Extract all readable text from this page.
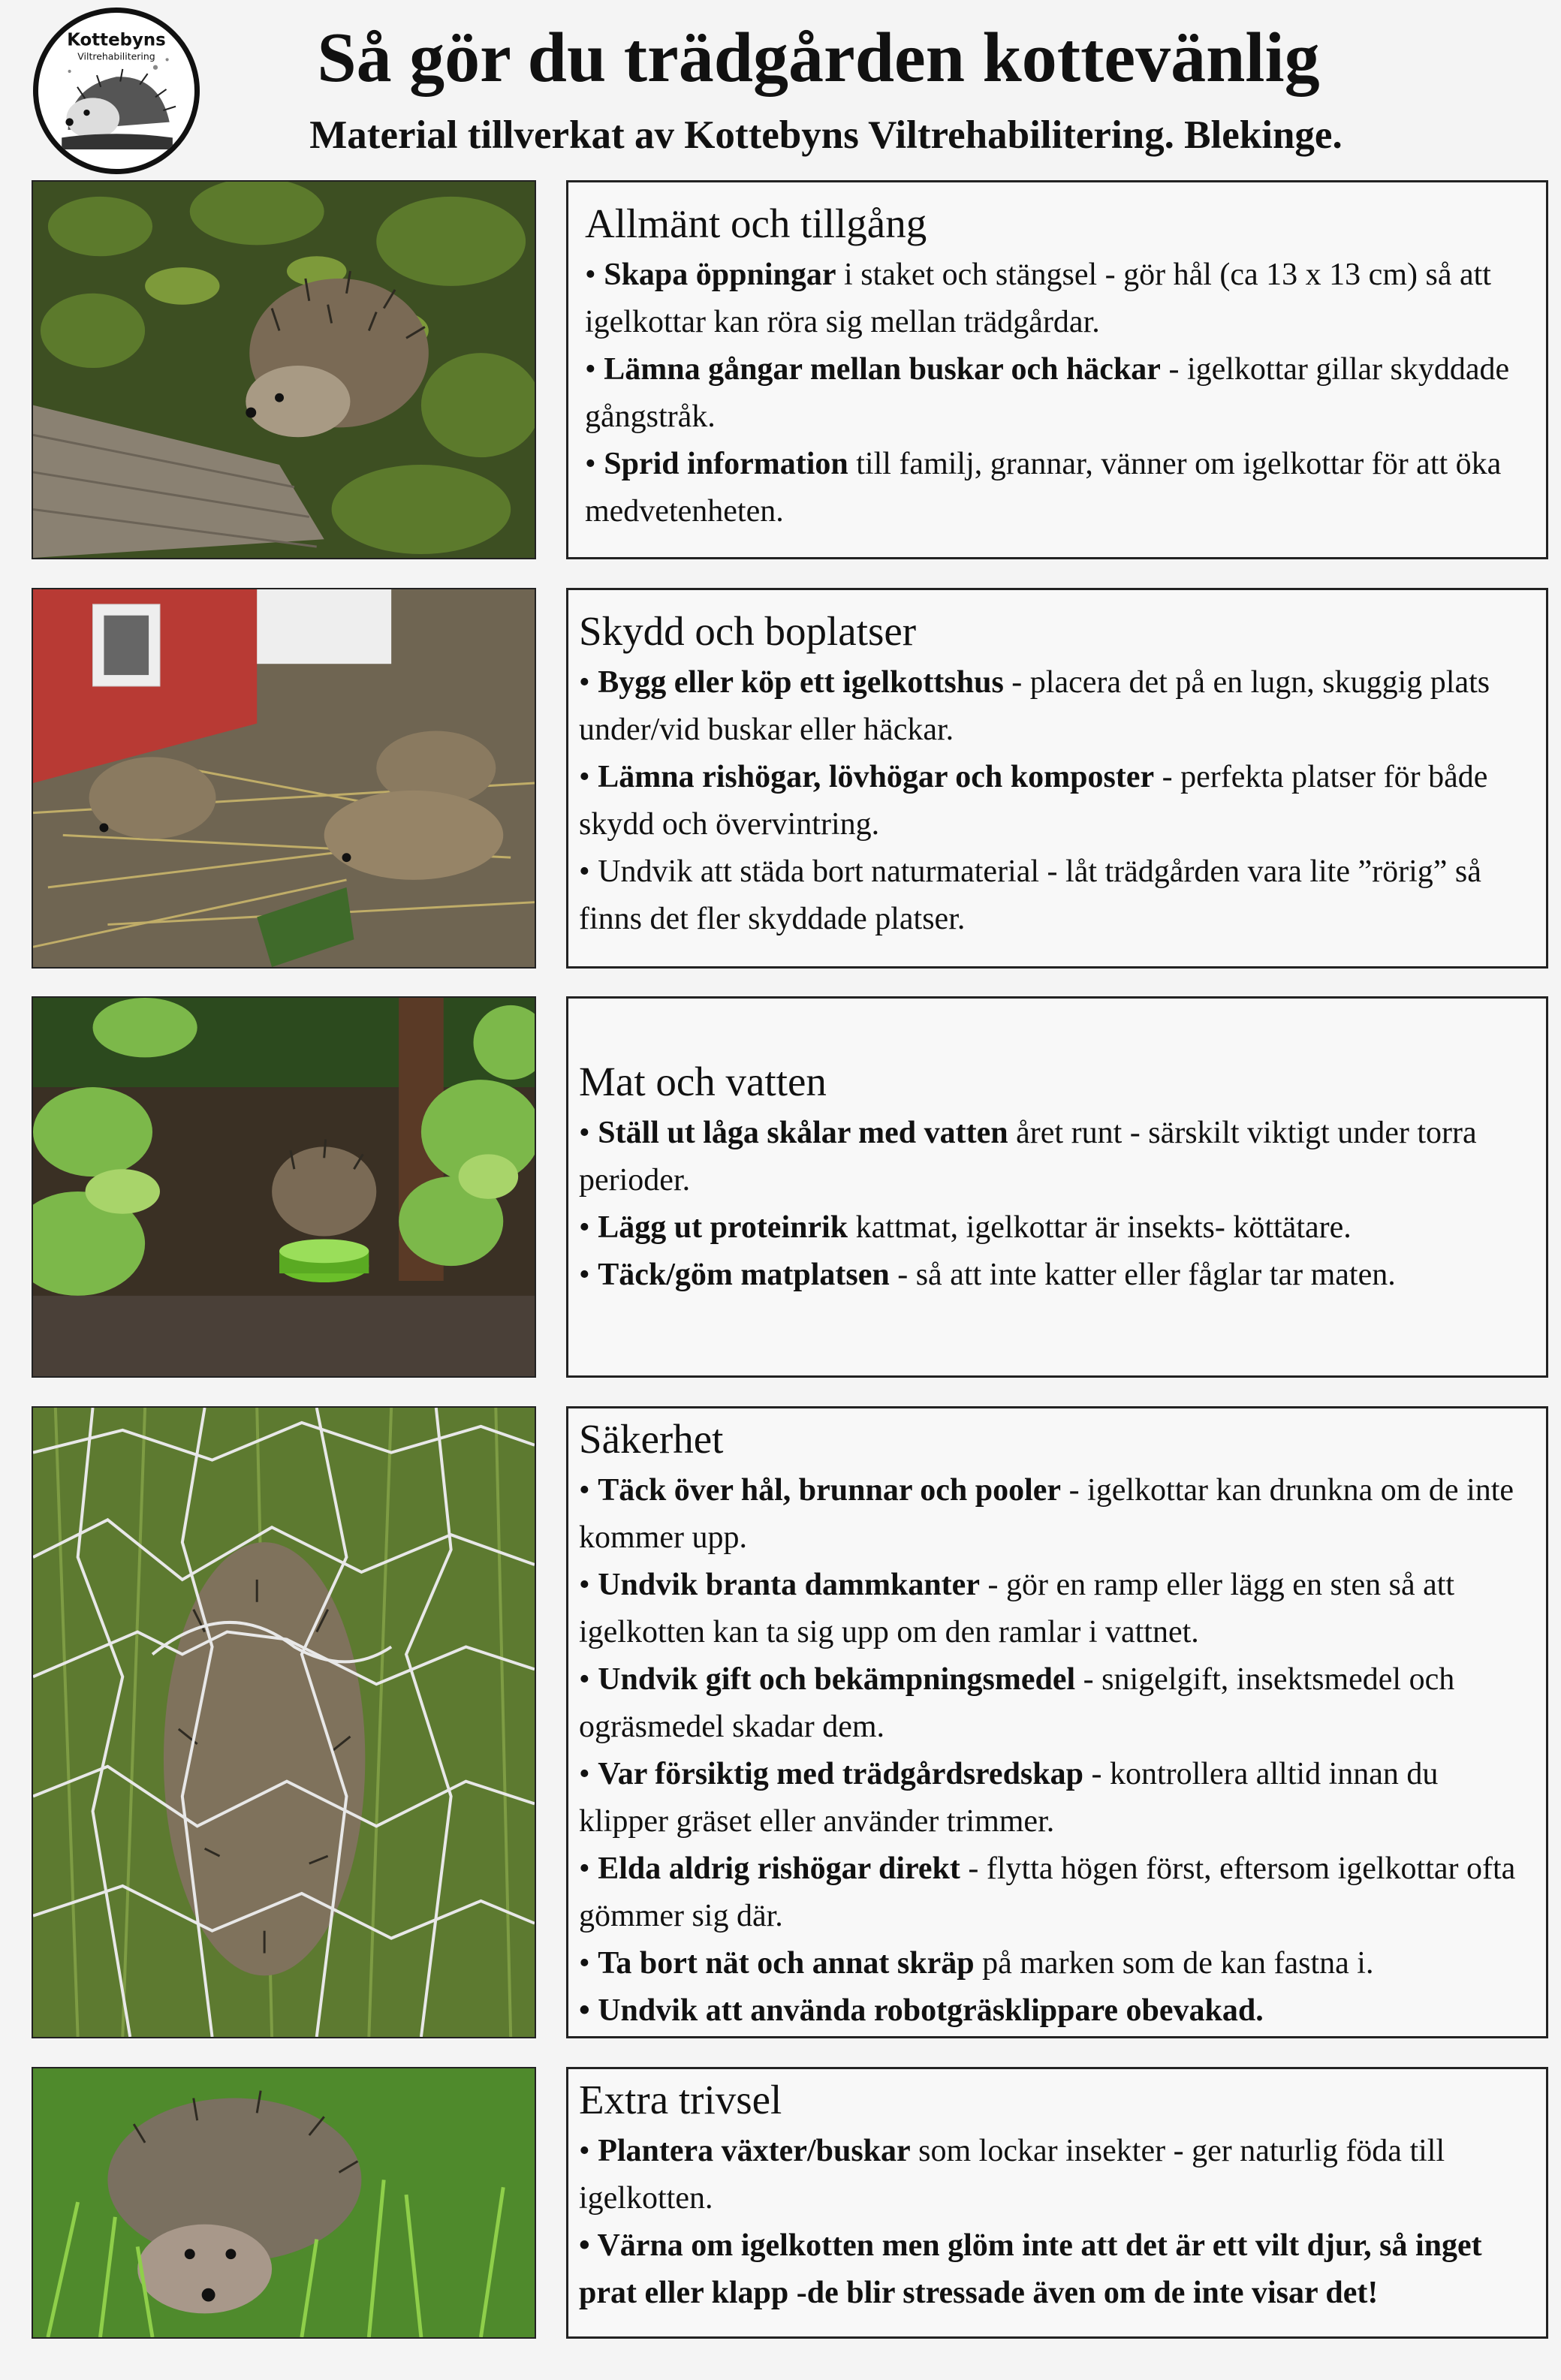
Kottebyns
Viltrehabilitering	Så gör du trädgården kottevänlig
Material tillverkat av Kottebyns Viltrehabilitering. Blekinge.
Allmänt och tillgång
• Skapa öppningar i staket och stängsel - gör hål (ca 13 x 13 cm) så att igelkottar kan röra sig mellan trädgårdar.
• Lämna gångar mellan buskar och häckar - igelkottar gillar skyddade gångstråk.
• Sprid information till familj, grannar, vänner om igelkottar för att öka medvetenheten.
Skydd och boplatser
• Bygg eller köp ett igelkottshus - placera det på en lugn, skuggig plats under/vid buskar eller häckar.
• Lämna rishögar, lövhögar och komposter - perfekta platser för både skydd och övervintring.
• Undvik att städa bort naturmaterial - låt trädgården vara lite ”rörig” så finns det fler skyddade platser.
Mat och vatten
• Ställ ut låga skålar med vatten året runt - särskilt viktigt under torra perioder.
• Lägg ut proteinrik kattmat, igelkottar är insekts- köttätare.
• Täck/göm matplatsen - så att inte katter eller fåglar tar maten.
Säkerhet
• Täck över hål, brunnar och pooler - igelkottar kan drunkna om de inte kommer upp.
• Undvik branta dammkanter - gör en ramp eller lägg en sten så att igelkotten kan ta sig upp om den ramlar i vattnet.
• Undvik gift och bekämpningsmedel - snigelgift, insektsmedel och ogräsmedel skadar dem.
• Var försiktig med trädgårdsredskap - kontrollera alltid innan du klipper gräset eller använder trimmer.
• Elda aldrig rishögar direkt - flytta högen först, eftersom igelkottar ofta gömmer sig där.
• Ta bort nät och annat skräp på marken som de kan fastna i.
• Undvik att använda robotgräsklippare obevakad.
Extra trivsel
• Plantera växter/buskar som lockar insekter - ger naturlig föda till igelkotten.
• Värna om igelkotten men glöm inte att det är ett vilt djur, så inget prat eller klapp -de blir stressade även om de inte visar det!
